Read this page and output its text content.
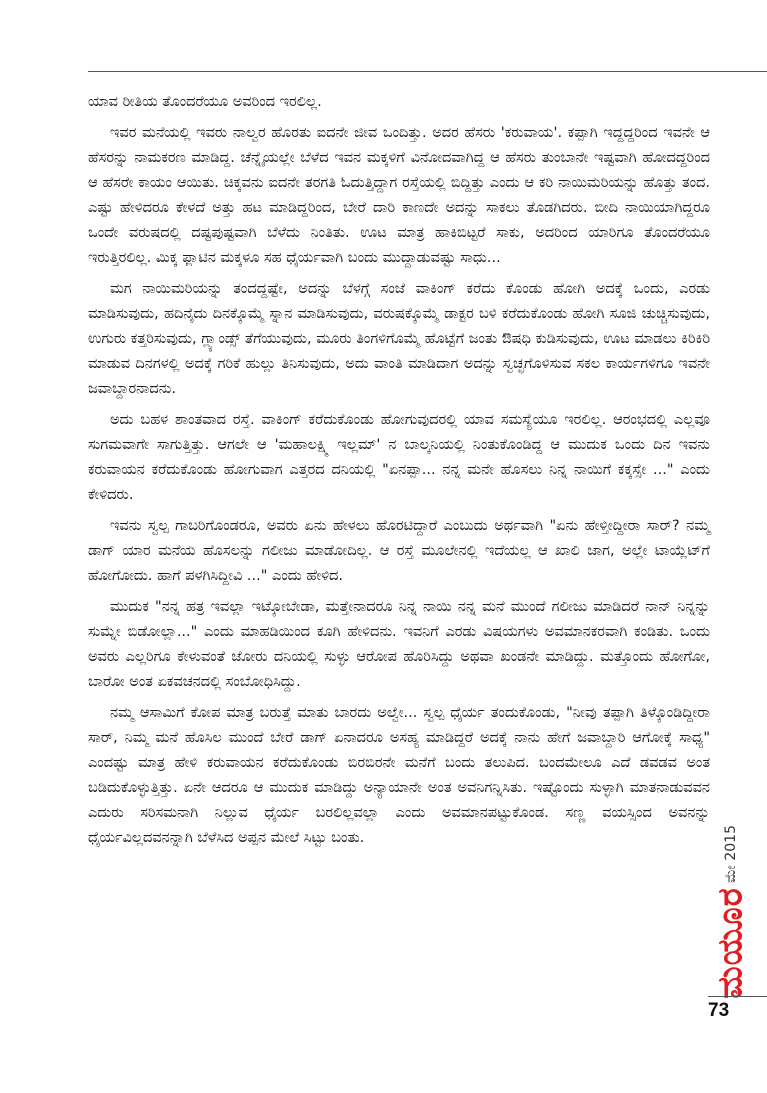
ಯಾವ ರೀತಿಯ ತೊಂದರೆಯೂ ಅವರಿಂದ ಇರಲಿಲ್ಲ.

ಇವರ ಮನೆಯಲ್ಲಿ ಇವರು ನಾಲ್ವರ ಹೊರತು ಐದನೇ ಜೀವ ಒಂದಿತ್ತು. ಅದರ ಹೆಸರು 'ಕರುವಾಯ'. ಕಪ್ಪಾಗಿ ಇದ್ದದ್ದರಿಂದ ಇವನೇ ಆ ಹೆಸರನ್ನು ನಾಮಕರಣ ಮಾಡಿದ್ದ. ಚೆನ್ನೈಯಲ್ಲೇ ಬೆಳೆದ ಇವನ ಮಕ್ಕಳಿಗೆ ವಿನೋದವಾಗಿದ್ದ ಆ ಹೆಸರು ತುಂಬಾನೇ ಇಷ್ಟವಾಗಿ ಹೋದದ್ದರಿಂದ ಆ ಹೆಸರೇ ಕಾಯಂ ಆಯಿತು. ಚಿಕ್ಕವನು ಐದನೇ ತರಗತಿ ಓದುತ್ತಿದ್ದಾಗ ರಸ್ತೆಯಲ್ಲಿ ಬಿದ್ದಿತ್ತು ಎಂದು ಆ ಕರಿ ನಾಯಿಮರಿಯನ್ನು ಹೊತ್ತು ತಂದ. ಎಷ್ಟು ಹೇಳಿದರೂ ಕೇಳದೆ ಅತ್ತು ಹಟ ಮಾಡಿದ್ದರಿಂದ, ಬೇರೆ ದಾರಿ ಕಾಣದೇ ಅದನ್ನು ಸಾಕಲು ತೊಡಗಿದರು. ಬೀದಿ ನಾಯಿಯಾಗಿದ್ದರೂ ಒಂದೇ ವರುಷದಲ್ಲಿ ದಷ್ಟಪುಷ್ಟವಾಗಿ ಬೆಳೆದು ನಿಂತಿತು. ಊಟ ಮಾತ್ರ ಹಾಕಿಬಿಟ್ಟರೆ ಸಾಕು, ಅದರಿಂದ ಯಾರಿಗೂ ತೊಂದರೆಯೂ ಇರುತ್ತಿರಲಿಲ್ಲ. ಮಿಕ್ಕ ಫ್ಲಾಟಿನ ಮಕ್ಕಳೂ ಸಹ ಧೈರ್ಯವಾಗಿ ಬಂದು ಮುದ್ದಾಡುವಷ್ಟು ಸಾಧು...

ಮಗ ನಾಯಿಮರಿಯನ್ನು ತಂದದ್ದಷ್ಟೇ, ಅದನ್ನು ಬೆಳಗ್ಗೆ ಸಂಜೆ ವಾಕಿಂಗ್ ಕರೆದು ಕೊಂಡು ಹೋಗಿ ಅದಕ್ಕೆ ಒಂದು, ಎರಡು ಮಾಡಿಸುವುದು, ಹದಿನೈದು ದಿನಕ್ಕೊಮ್ಮೆ ಸ್ನಾನ ಮಾಡಿಸುವುದು, ವರುಷಕ್ಕೊಮ್ಮೆ ಡಾಕ್ಟರ ಬಳಿ ಕರೆದುಕೊಂಡು ಹೋಗಿ ಸೂಜಿ ಚುಚ್ಚಿಸುವುದು, ಉಗುರು ಕತ್ತರಿಸುವುದು, ಗ್ಲ್ಯಾಂಡ್ಸ್ ತೆಗೆಯುವುದು, ಮೂರು ತಿಂಗಳಿಗೊಮ್ಮೆ ಹೊಟ್ಟೆಗೆ ಜಂತು ಔಷಧಿ ಕುಡಿಸುವುದು, ಊಟ ಮಾಡಲು ಕಿರಿಕಿರಿ ಮಾಡುವ ದಿನಗಳಲ್ಲಿ ಅದಕ್ಕೆ ಗರಿಕೆ ಹುಲ್ಲು ತಿನಿಸುವುದು, ಅದು ವಾಂತಿ ಮಾಡಿದಾಗ ಅದನ್ನು ಸ್ವಚ್ಛಗೊಳಿಸುವ ಸಕಲ ಕಾರ್ಯಗಳಿಗೂ ಇವನೇ ಜವಾಬ್ದಾರನಾದನು.

ಅದು ಬಹಳ ಶಾಂತವಾದ ರಸ್ತೆ. ವಾಕಿಂಗ್ ಕರೆದುಕೊಂಡು ಹೋಗುವುದರಲ್ಲಿ ಯಾವ ಸಮಸ್ಯೆಯೂ ಇರಲಿಲ್ಲ. ಆರಂಭದಲ್ಲಿ ಎಲ್ಲವೂ ಸುಗಮವಾಗೇ ಸಾಗುತ್ತಿತ್ತು. ಆಗಲೇ ಆ 'ಮಹಾಲಕ್ಷ್ಮಿ ಇಲ್ಲಮ್' ನ ಬಾಲ್ಕನಿಯಲ್ಲಿ ನಿಂತುಕೊಂಡಿದ್ದ ಆ ಮುದುಕ ಒಂದು ದಿನ ಇವನು ಕರುವಾಯನ ಕರೆದುಕೊಂಡು ಹೋಗುವಾಗ ಎತ್ತರದ ದನಿಯಲ್ಲಿ "ಏನಪ್ಪಾ... ನನ್ನ ಮನೇ ಹೊಸಲು ನಿನ್ನ ನಾಯಿಗೆ ಕಕ್ಕಸ್ಸೇ ..." ಎಂದು ಕೇಳಿದರು.

ಇವನು ಸ್ವಲ್ಪ ಗಾಬರಿಗೊಂಡರೂ, ಅವರು ಏನು ಹೇಳಲು ಹೊರಟಿದ್ದಾರೆ ಎಂಬುದು ಅರ್ಥವಾಗಿ "ಏನು ಹೇಳ್ತೀದ್ದೀರಾ ಸಾರ್? ನಮ್ಮ ಡಾಗ್ ಯಾರ ಮನೆಯ ಹೊಸಲನ್ನು ಗಲೀಜು ಮಾಡೋದಿಲ್ಲ. ಆ ರಸ್ತೆ ಮೂಲೇನಲ್ಲಿ ಇದೆಯಲ್ಲ ಆ ಖಾಲಿ ಜಾಗ, ಅಲ್ಲೇ ಟಾಯ್ಲೆಟ್‌ಗೆ ಹೋಗೋದು. ಹಾಗೆ ಪಳಗಿಸಿದ್ದೀವಿ ..." ಎಂದು ಹೇಳಿದ.

ಮುದುಕ "ನನ್ನ ಹತ್ರ ಇವಲ್ಲಾ ಇಟ್ಕೋಬೇಡಾ, ಮತ್ತೇನಾದರೂ ನಿನ್ನ ನಾಯಿ ನನ್ನ ಮನೆ ಮುಂದೆ ಗಲೀಜು ಮಾಡಿದರೆ ನಾನ್ ನಿನ್ನನ್ನು ಸುಮ್ನೇ ಬಿಡೋಲ್ಲಾ..." ಎಂದು ಮಾಹಡಿಯಿಂದ ಕೂಗಿ ಹೇಳಿದನು. ಇವನಿಗೆ ಎರಡು ವಿಷಯಗಳು ಅವಮಾನಕರವಾಗಿ ಕಂಡಿತು. ಒಂದು ಅವರು ಎಲ್ಲರಿಗೂ ಕೇಳುವಂತೆ ಜೋರು ದನಿಯಲ್ಲಿ ಸುಳ್ಳು ಆರೋಪ ಹೊರಿಸಿದ್ದು ಅಥವಾ ಖಂಡನೇ ಮಾಡಿದ್ದು. ಮತ್ತೊಂದು ಹೋಗೋ, ಬಾರೋ ಅಂತ ಏಕವಚನದಲ್ಲಿ ಸಂಬೋಧಿಸಿದ್ದು.

ನಮ್ಮ ಆಸಾಮಿಗೆ ಕೋಪ ಮಾತ್ರ ಬರುತ್ತೆ ಮಾತು ಬಾರದು ಅಲ್ವೇ... ಸ್ವಲ್ಪ ಧೈರ್ಯ ತಂದುಕೊಂಡು, "ನೀವು ತಪ್ಪಾಗಿ ತಿಳ್ಕೊಂಡಿದ್ದೀರಾ ಸಾರ್, ನಿಮ್ಮ ಮನೆ ಹೊಸಿಲ ಮುಂದೆ ಬೇರೆ ಡಾಗ್ ಏನಾದರೂ ಅಸಹ್ಯ ಮಾಡಿದ್ದರೆ ಅದಕ್ಕೆ ನಾನು ಹೇಗೆ ಜವಾಬ್ದಾರಿ ಆಗೋಕ್ಕೆ ಸಾಧ್ಯ" ಎಂದಷ್ಟು ಮಾತ್ರ ಹೇಳಿ ಕರುವಾಯನ ಕರೆದುಕೊಂಡು ಬಿರಬಿರನೇ ಮನೆಗೆ ಬಂದು ತಲುಪಿದ. ಬಂದಮೇಲೂ ಎದೆ ಡವಡವ ಅಂತ ಬಡಿದುಕೊಳ್ಳುತ್ತಿತ್ತು. ಏನೇ ಆದರೂ ಆ ಮುದುಕ ಮಾಡಿದ್ದು ಅನ್ಯಾಯಾನೇ ಅಂತ ಅವನಿಗನ್ನಿಸಿತು. ಇಷ್ಟೊಂದು ಸುಳ್ಳಾಗಿ ಮಾತನಾಡುವವನ ಎದುರು ಸರಿಸಮನಾಗಿ ನಿಲ್ಲುವ ಧೈರ್ಯ ಬರಲಿಲ್ಲವಲ್ಲಾ ಎಂದು ಅವಮಾನಪಟ್ಟುಕೊಂಡ. ಸಣ್ಣ ವಯಸ್ಸಿಂದ ಅವನನ್ನು ಧೈರ್ಯವಿಲ್ಲದವನನ್ನಾಗಿ ಬೆಳೆಸಿದ ಅಪ್ಪನ ಮೇಲೆ ಸಿಟ್ಟು ಬಂತು.	ಮೇ 2015
ಮಯೂರ
73
